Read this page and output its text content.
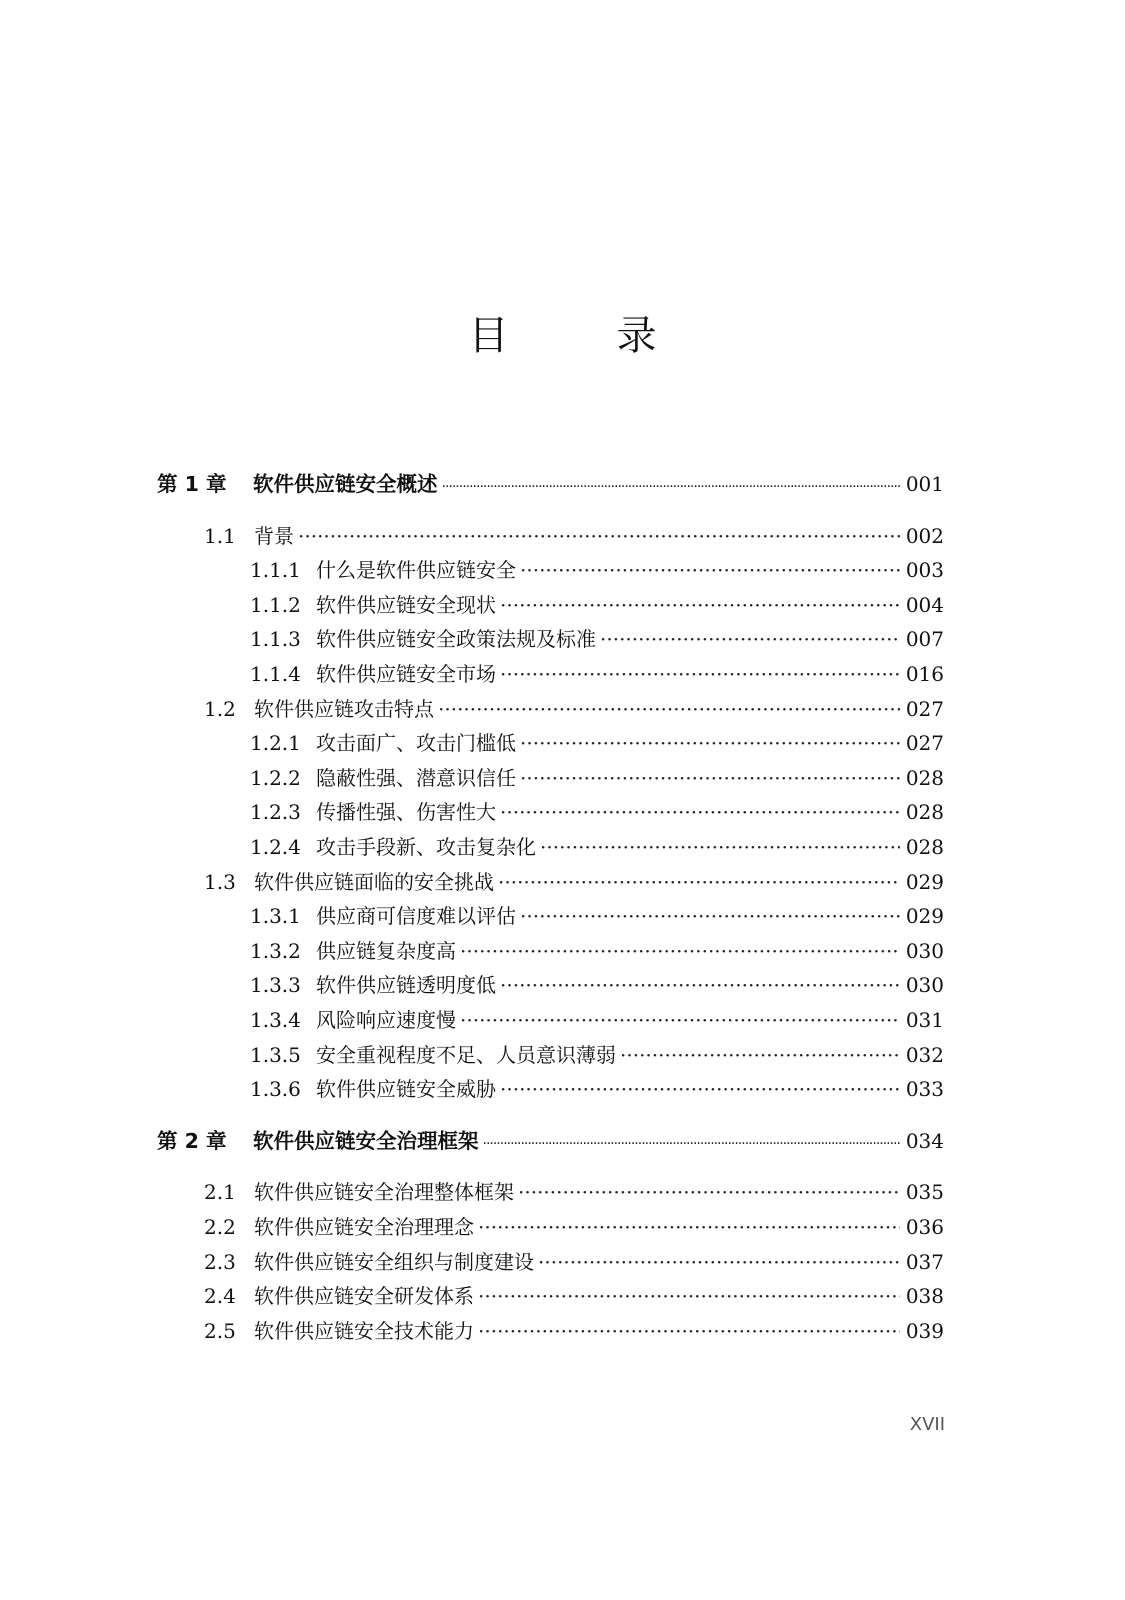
目　录
第 1 章	软件供应链安全概述 ·····	001
1.1 背景 ·····	002
1.1.1 什么是软件供应链安全 ·····	003
1.1.2 软件供应链安全现状 ·····	004
1.1.3 软件供应链安全政策法规及标准 ·····	007
1.1.4 软件供应链安全市场 ·····	016
1.2 软件供应链攻击特点 ·····	027
1.2.1 攻击面广、攻击门槛低 ·····	027
1.2.2 隐蔽性强、潜意识信任 ·····	028
1.2.3 传播性强、伤害性大 ·····	028
1.2.4 攻击手段新、攻击复杂化 ·····	028
1.3 软件供应链面临的安全挑战 ·····	029
1.3.1 供应商可信度难以评估 ·····	029
1.3.2 供应链复杂度高 ·····	030
1.3.3 软件供应链透明度低 ·····	030
1.3.4 风险响应速度慢 ·····	031
1.3.5 安全重视程度不足、人员意识薄弱 ·····	032
1.3.6 软件供应链安全威胁 ·····	033
第 2 章	软件供应链安全治理框架 ·····	034
2.1 软件供应链安全治理整体框架 ·····	035
2.2 软件供应链安全治理理念 ·····	036
2.3 软件供应链安全组织与制度建设 ·····	037
2.4 软件供应链安全研发体系 ·····	038
2.5 软件供应链安全技术能力 ·····	039
XVII
